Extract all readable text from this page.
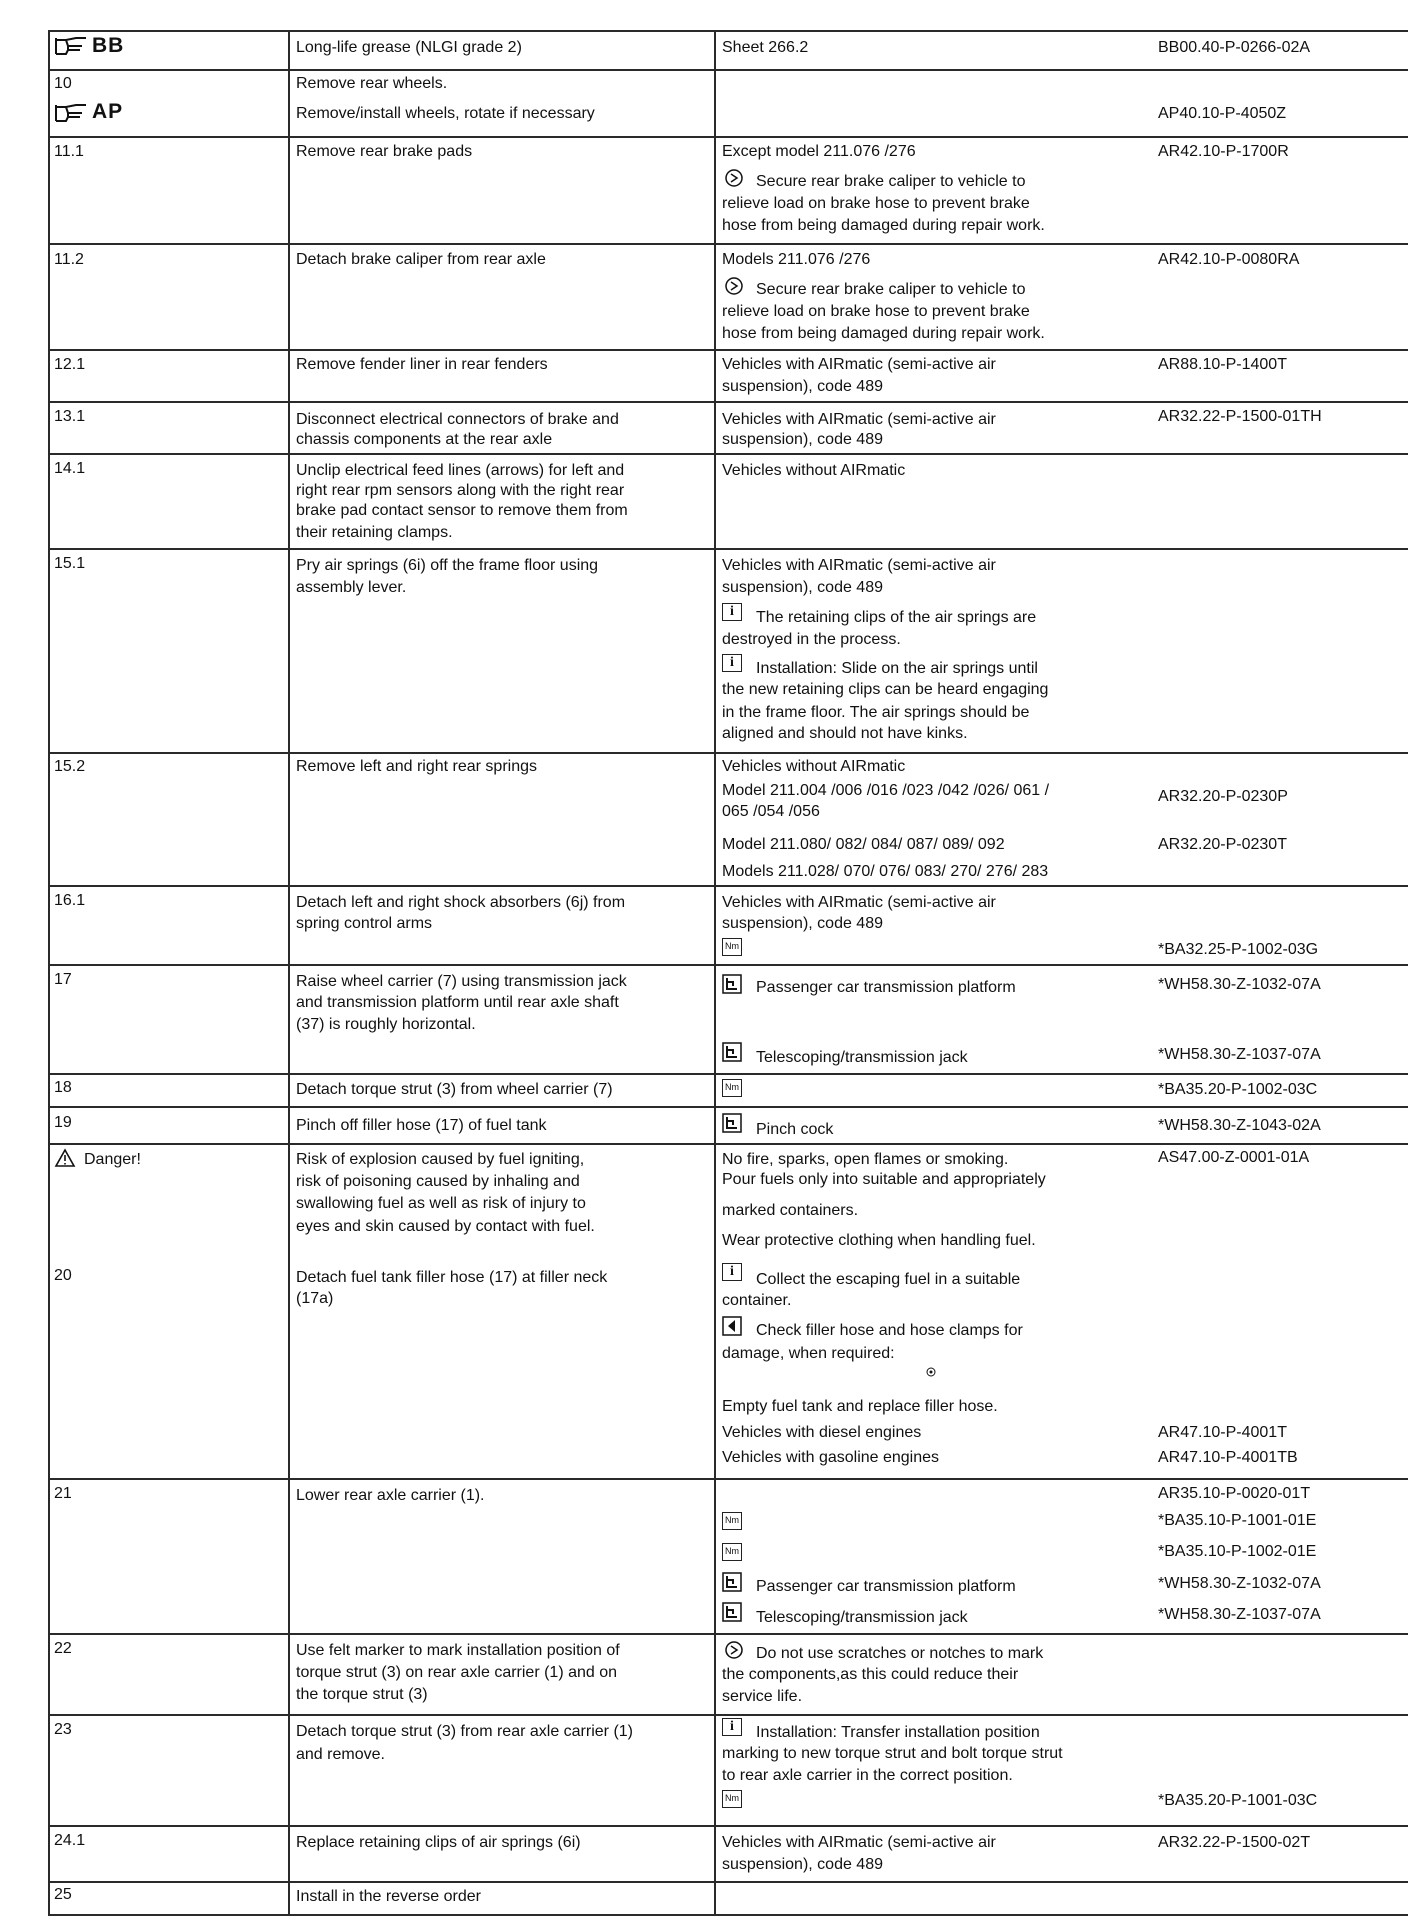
BB	Long-life grease (NLGI grade 2)	Sheet 266.2	BB00.40-P-0266-02A
10	Remove rear wheels.
AP	Remove/install wheels, rotate if necessary	AP40.10-P-4050Z
11.1	Remove rear brake pads	Except model 211.076 /276
Secure rear brake caliper to vehicle to
relieve load on brake hose to prevent brake
hose from being damaged during repair work.
AR42.10-P-1700R
11.2	Detach brake caliper from rear axle	Models 211.076 /276
Secure rear brake caliper to vehicle to
relieve load on brake hose to prevent brake
hose from being damaged during repair work.
AR42.10-P-0080RA
12.1	Remove fender liner in rear fenders	Vehicles with AIRmatic (semi-active air
suspension), code 489
AR88.10-P-1400T
13.1	Disconnect electrical connectors of brake and
chassis components at the rear axle
Vehicles with AIRmatic (semi-active air
suspension), code 489
AR32.22-P-1500-01TH
14.1	Unclip electrical feed lines (arrows) for left and
right rear rpm sensors along with the right rear
brake pad contact sensor to remove them from
their retaining clamps.
Vehicles without AIRmatic
15.1	Pry air springs (6i) off the frame floor using
assembly lever.
Vehicles with AIRmatic (semi-active air
suspension), code 489
i	The retaining clips of the air springs are
destroyed in the process.
i	Installation: Slide on the air springs until
the new retaining clips can be heard engaging
in the frame floor. The air springs should be
aligned and should not have kinks.
15.2	Remove left and right rear springs	Vehicles without AIRmatic
Model 211.004 /006 /016 /023 /042 /026/ 061 /
065 /054 /056
AR32.20-P-0230P
Model 211.080/ 082/ 084/ 087/ 089/ 092	AR32.20-P-0230T
Models 211.028/ 070/ 076/ 083/ 270/ 276/ 283
16.1	Detach left and right shock absorbers (6j) from
spring control arms
Vehicles with AIRmatic (semi-active air
suspension), code 489
Nm	*BA32.25-P-1002-03G
17	Raise wheel carrier (7) using transmission jack
and transmission platform until rear axle shaft
(37) is roughly horizontal.
Passenger car transmission platform	*WH58.30-Z-1032-07A
Telescoping/transmission jack	*WH58.30-Z-1037-07A
18	Detach torque strut (3) from wheel carrier (7)	Nm	*BA35.20-P-1002-03C
19	Pinch off filler hose (17) of fuel tank	Pinch cock	*WH58.30-Z-1043-02A
Danger!	Risk of explosion caused by fuel igniting,
risk of poisoning caused by inhaling and
swallowing fuel as well as risk of injury to
eyes and skin caused by contact with fuel.
No fire, sparks, open flames or smoking.
Pour fuels only into suitable and appropriately
marked containers.
Wear protective clothing when handling fuel.
AS47.00-Z-0001-01A
20	Detach fuel tank filler hose (17) at filler neck
(17a)
i	Collect the escaping fuel in a suitable
container.
Check filler hose and hose clamps for
damage, when required:
Empty fuel tank and replace filler hose.
Vehicles with diesel engines	AR47.10-P-4001T
Vehicles with gasoline engines	AR47.10-P-4001TB
21	Lower rear axle carrier (1).	AR35.10-P-0020-01T
Nm	*BA35.10-P-1001-01E
Nm	*BA35.10-P-1002-01E
Passenger car transmission platform	*WH58.30-Z-1032-07A
Telescoping/transmission jack	*WH58.30-Z-1037-07A
22	Use felt marker to mark installation position of
torque strut (3) on rear axle carrier (1) and on
the torque strut (3)
Do not use scratches or notches to mark
the components,as this could reduce their
service life.
23	Detach torque strut (3) from rear axle carrier (1)
and remove.
i	Installation: Transfer installation position
marking to new torque strut and bolt torque strut
to rear axle carrier in the correct position.
Nm	*BA35.20-P-1001-03C
24.1	Replace retaining clips of air springs (6i)	Vehicles with AIRmatic (semi-active air
suspension), code 489
AR32.22-P-1500-02T
25	Install in the reverse order
